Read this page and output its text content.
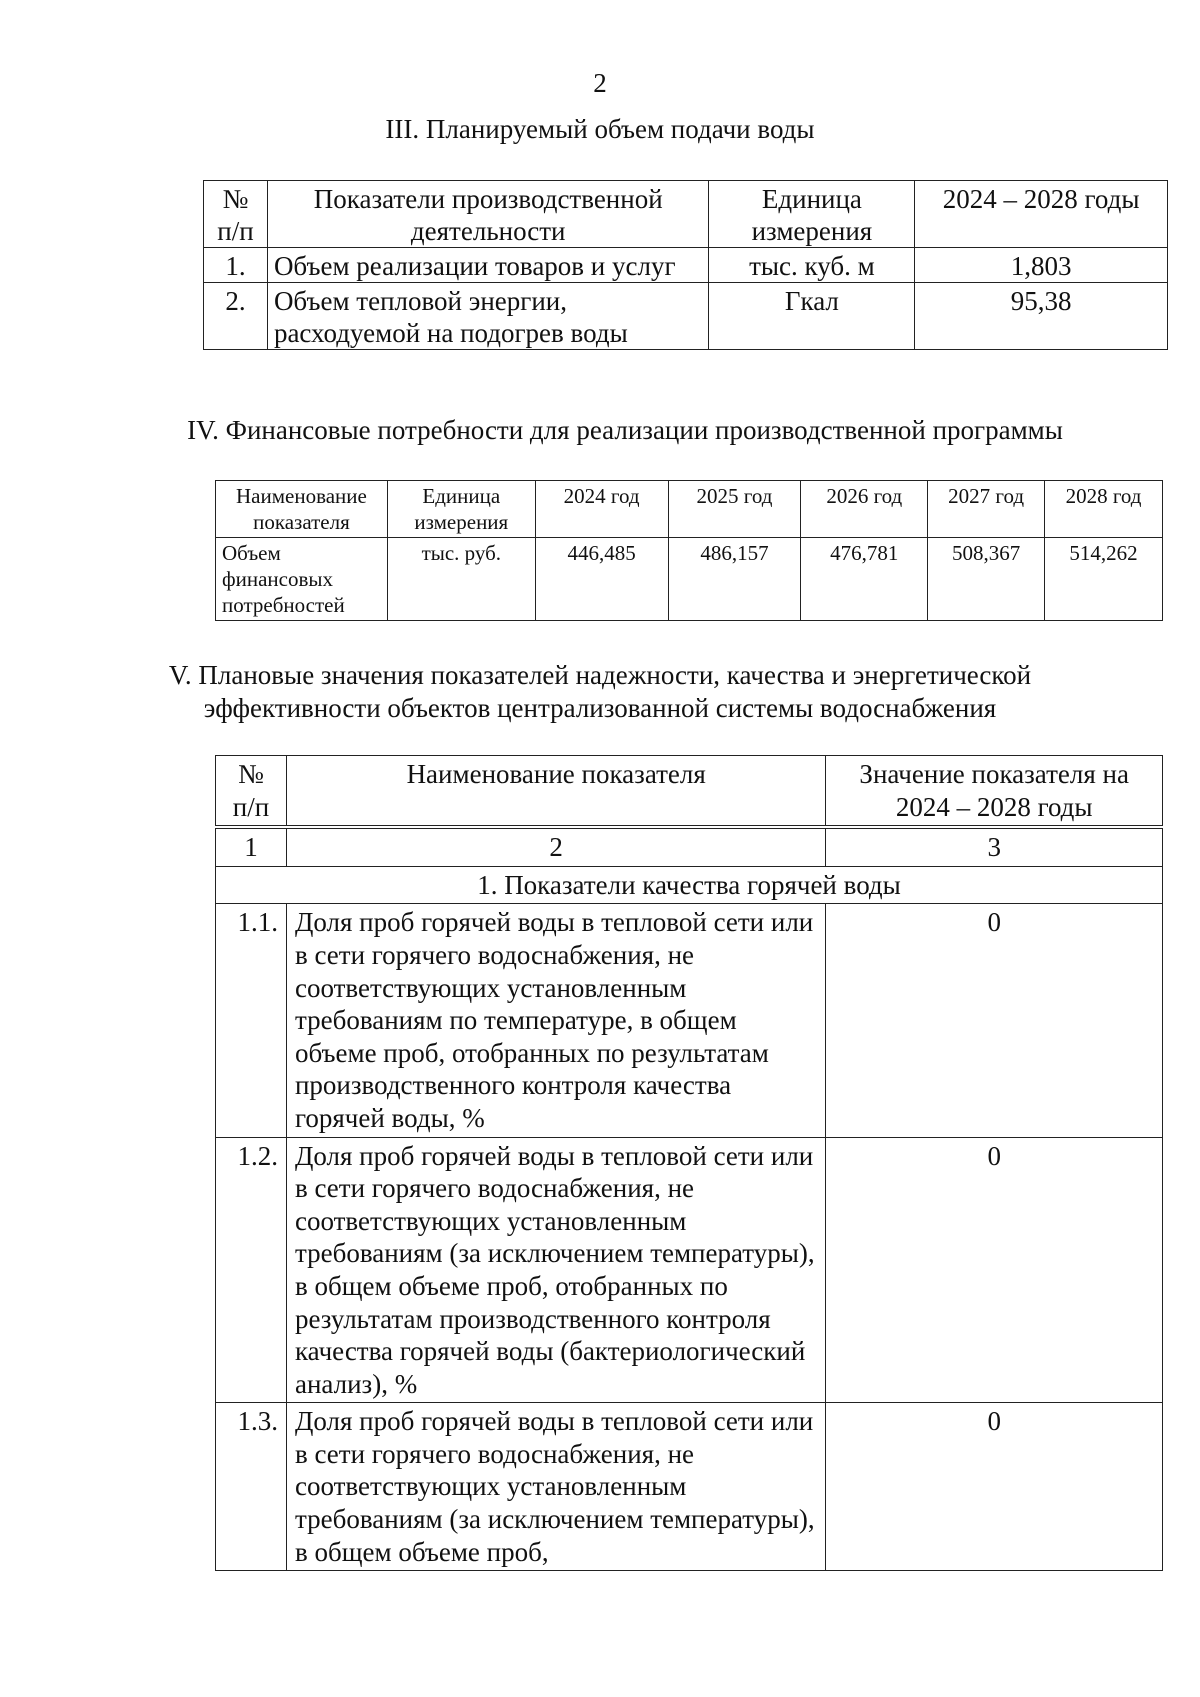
2
III. Планируемый объем подачи воды
№
п/п	Показатели производственной деятельности	Единица измерения	2024 – 2028 годы
1.	Объем реализации товаров и услуг	тыс. куб. м	1,803
2.	Объем тепловой энергии, расходуемой на подогрев воды	Гкал	95,38
IV. Финансовые потребности для реализации производственной программы
Наименование показателя	Единица измерения	2024 год	2025 год	2026 год	2027 год	2028 год
Объем финансовых потребностей	тыс. руб.	446,485	486,157	476,781	508,367	514,262
V. Плановые значения показателей надежности, качества и энергетической
эффективности объектов централизованной системы водоснабжения
№
п/п	Наименование показателя	Значение показателя на 2024 – 2028 годы
1	2	3
1. Показатели качества горячей воды		
1.1.	Доля проб горячей воды в тепловой сети или в сети горячего водоснабжения, не соответствующих установленным требованиям по температуре, в общем объеме проб, отобранных по результатам производственного контроля качества горячей воды, %	0
1.2.	Доля проб горячей воды в тепловой сети или в сети горячего водоснабжения, не соответствующих установленным требованиям (за исключением температуры), в общем объеме проб, отобранных по результатам производственного контроля качества горячей воды (бактериологический анализ), %	0
1.3.	Доля проб горячей воды в тепловой сети или в сети горячего водоснабжения, не соответствующих установленным требованиям (за исключением температуры), в общем объеме проб,	0
